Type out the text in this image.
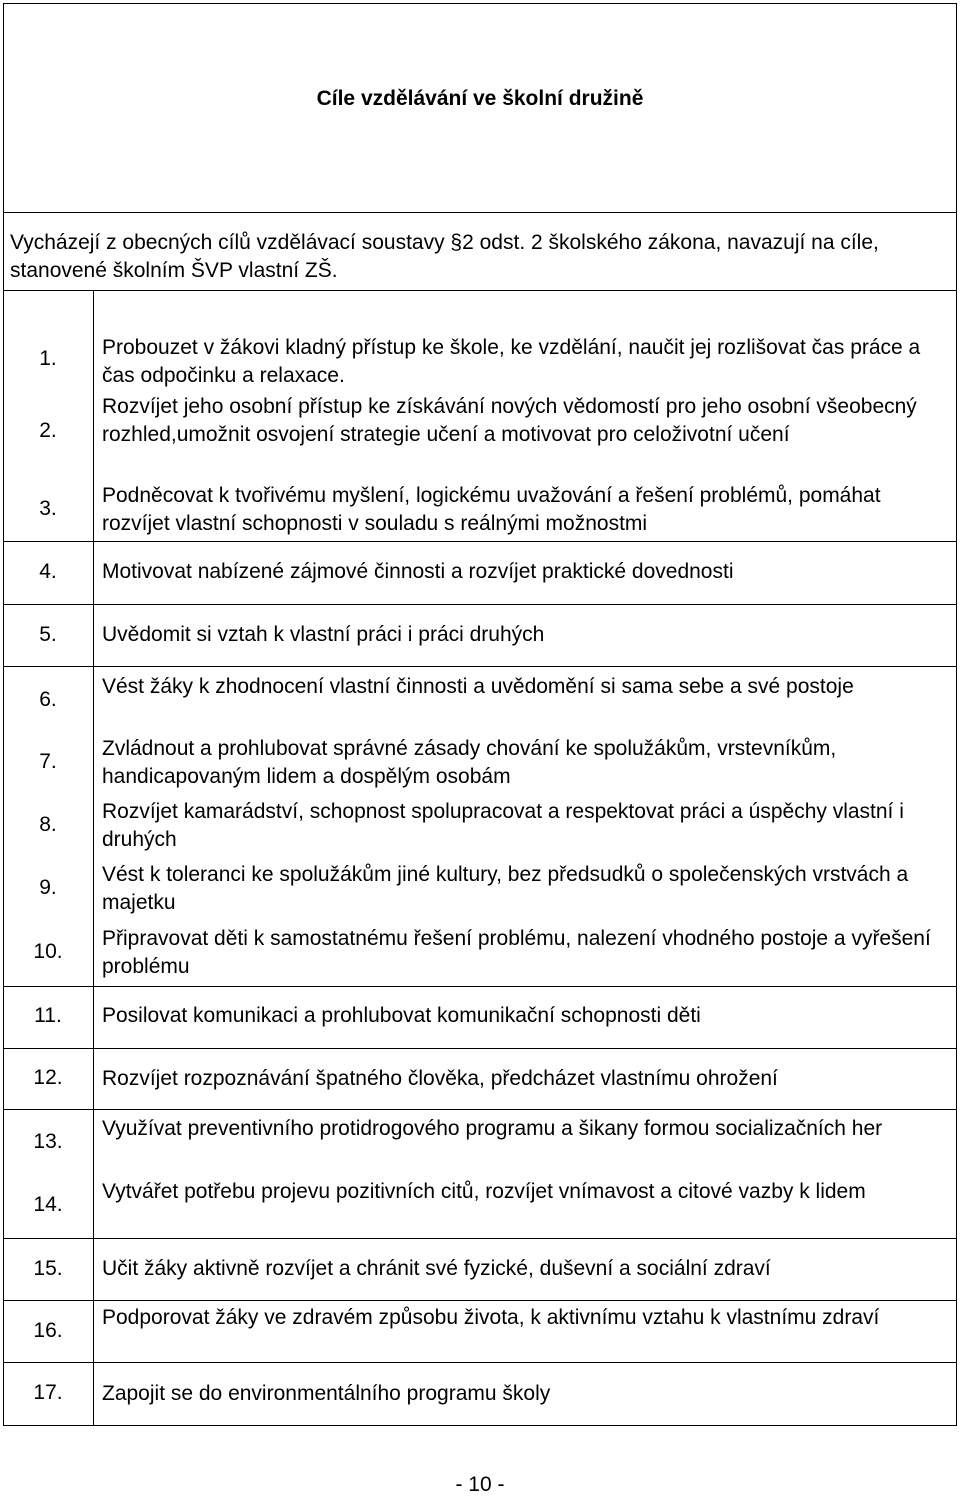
Cíle vzdělávání ve školní družině
Vycházejí z obecných cílů vzdělávací soustavy §2 odst. 2 školského zákona, navazují na cíle, stanovené školním ŠVP vlastní ZŠ.
1.
2.
3.
4.
5.
6.
7.
8.
9.
10.
11.
12.
13.
14.
15.
16.
17.
Probouzet v žákovi kladný přístup ke škole, ke vzdělání, naučit jej rozlišovat čas práce a čas odpočinku a relaxace.
Rozvíjet jeho osobní přístup ke získávání nových vědomostí pro jeho osobní všeobecný rozhled,umožnit osvojení strategie učení a motivovat pro celoživotní učení
Podněcovat k tvořivému myšlení, logickému uvažování a řešení problémů, pomáhat rozvíjet vlastní schopnosti v souladu s reálnými možnostmi
Motivovat nabízené zájmové činnosti a rozvíjet praktické dovednosti
Uvědomit si vztah k vlastní práci i práci druhých
Vést žáky k zhodnocení vlastní činnosti a uvědomění si sama sebe a své postoje
Zvládnout a prohlubovat správné zásady chování ke spolužákům, vrstevníkům, handicapovaným lidem a dospělým osobám
Rozvíjet kamarádství, schopnost spolupracovat a respektovat práci a úspěchy vlastní i druhých
Vést k toleranci ke spolužákům jiné kultury, bez předsudků o společenských vrstvách a majetku
Připravovat děti k samostatnému řešení problému, nalezení vhodného postoje a vyřešení problému
Posilovat komunikaci a prohlubovat komunikační schopnosti děti
Rozvíjet rozpoznávání špatného člověka, předcházet vlastnímu ohrožení
Využívat preventivního protidrogového programu a šikany formou socializačních her
Vytvářet potřebu projevu pozitivních citů, rozvíjet vnímavost a citové vazby k lidem
Učit žáky aktivně rozvíjet a chránit své fyzické, duševní a sociální zdraví
Podporovat žáky ve zdravém způsobu života, k aktivnímu vztahu k vlastnímu zdraví
Zapojit se do environmentálního programu školy
- 10 -
